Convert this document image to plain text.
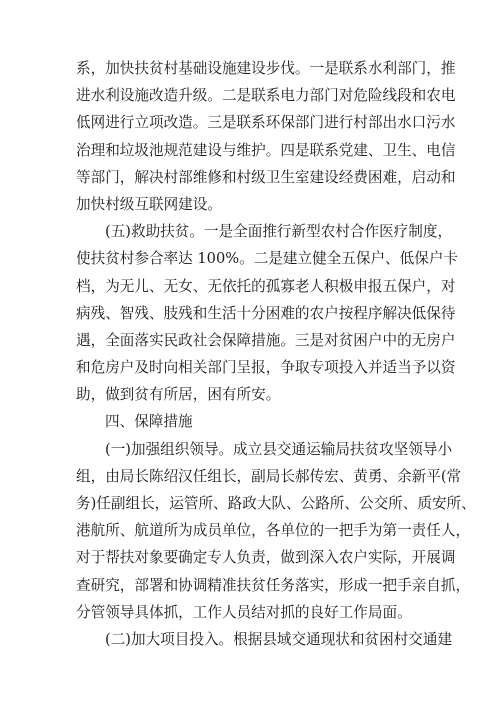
系，加快扶贫村基础设施建设步伐。一是联系水利部门，推
进水利设施改造升级。二是联系电力部门对危险线段和农电
低网进行立项改造。三是联系环保部门进行村部出水口污水
治理和垃圾池规范建设与维护。四是联系党建、卫生、电信
等部门，解决村部维修和村级卫生室建设经费困难，启动和
加快村级互联网建设。
(五)救助扶贫。一是全面推行新型农村合作医疗制度，
使扶贫村参合率达 100%。二是建立健全五保户、低保户卡
档，为无儿、无女、无依托的孤寡老人积极申报五保户，对
病残、智残、肢残和生活十分困难的农户按程序解决低保待
遇，全面落实民政社会保障措施。三是对贫困户中的无房户
和危房户及时向相关部门呈报，争取专项投入并适当予以资
助，做到贫有所居，困有所安。
四、保障措施
(一)加强组织领导。成立县交通运输局扶贫攻坚领导小
组，由局长陈绍汉任组长，副局长郝传宏、黄勇、余新平(常
务)任副组长，运管所、路政大队、公路所、公交所、质安所、
港航所、航道所为成员单位，各单位的一把手为第一责任人，
对于帮扶对象要确定专人负责，做到深入农户实际，开展调
查研究，部署和协调精准扶贫任务落实，形成一把手亲自抓，
分管领导具体抓，工作人员结对抓的良好工作局面。
(二)加大项目投入。根据县域交通现状和贫困村交通建
